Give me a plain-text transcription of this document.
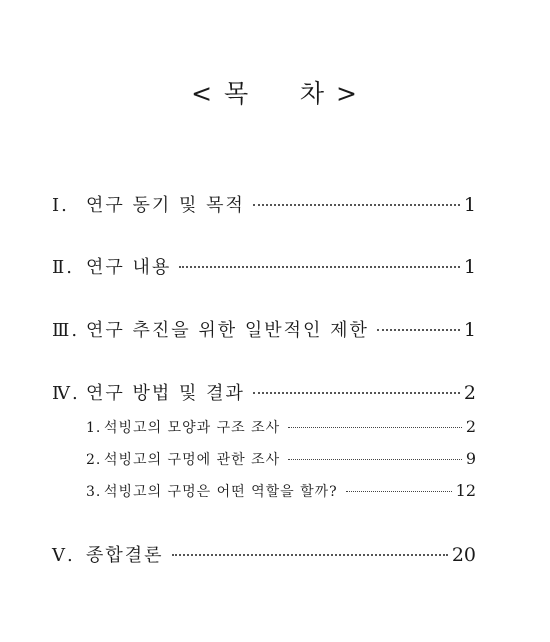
< 목     차 >
Ⅰ. 연구 동기 및 목적	1
Ⅱ. 연구 내용	1
Ⅲ. 연구 추진을 위한 일반적인 제한	1
Ⅳ. 연구 방법 및 결과	2
1. 석빙고의 모양과 구조 조사	2
2. 석빙고의 구멍에 관한 조사	9
3. 석빙고의 구멍은 어떤 역할을 할까?	12
Ⅴ. 종합결론	20
